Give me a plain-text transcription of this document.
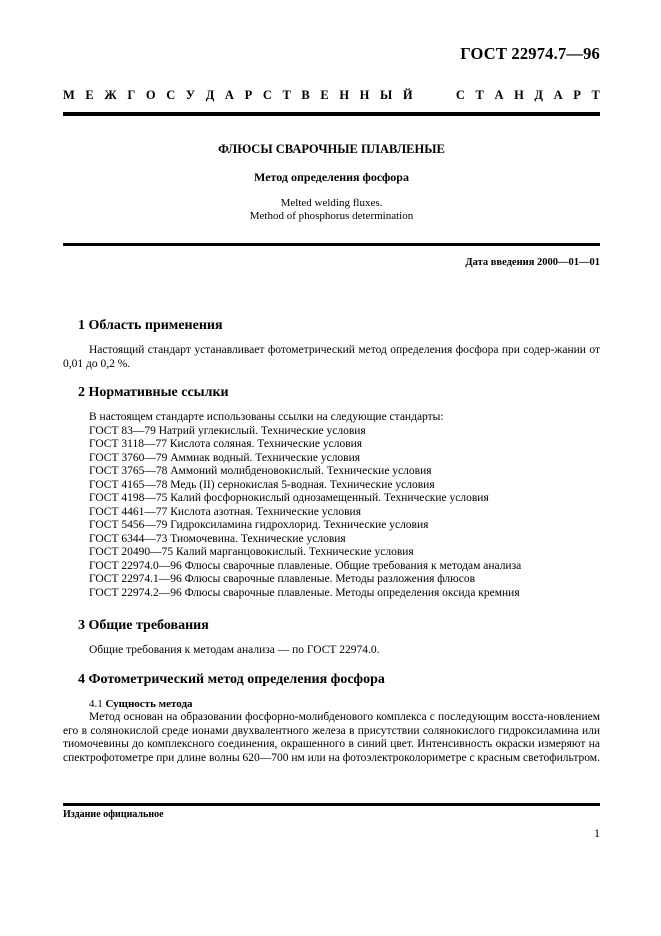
ГОСТ 22974.7—96
М Е Ж Г О С У Д А Р С Т В Е Н Н Ы Й	С Т А Н Д А Р Т
ФЛЮСЫ СВАРОЧНЫЕ ПЛАВЛЕНЫЕ
Метод определения фосфора
Melted welding fluxes.
Method of phosphorus determination
Дата введения 2000—01—01
1 Область применения
Настоящий стандарт устанавливает фотометрический метод определения фосфора при содер-жании от 0,01 до 0,2 %.
2 Нормативные ссылки
В настоящем стандарте использованы ссылки на следующие стандарты:
ГОСТ 83—79 Натрий углекислый. Технические условия
ГОСТ 3118—77 Кислота соляная. Технические условия
ГОСТ 3760—79 Аммиак водный. Технические условия
ГОСТ 3765—78 Аммоний молибденовокислый. Технические условия
ГОСТ 4165—78 Медь (II) сернокислая 5-водная. Технические условия
ГОСТ 4198—75 Калий фосфорнокислый однозамещенный. Технические условия
ГОСТ 4461—77 Кислота азотная. Технические условия
ГОСТ 5456—79 Гидроксиламина гидрохлорид. Технические условия
ГОСТ 6344—73 Тиомочевина. Технические условия
ГОСТ 20490—75 Калий марганцовокислый. Технические условия
ГОСТ 22974.0—96 Флюсы сварочные плавленые. Общие требования к методам анализа
ГОСТ 22974.1—96 Флюсы сварочные плавленые. Методы разложения флюсов
ГОСТ 22974.2—96 Флюсы сварочные плавленые. Методы определения оксида кремния
3 Общие требования
Общие требования к методам анализа — по ГОСТ 22974.0.
4 Фотометрический метод определения фосфора
4.1 Сущность метода
Метод основан на образовании фосфорно-молибденового комплекса с последующим восста-новлением его в солянокислой среде ионами двухвалентного железа в присутствии солянокислого гидроксиламина или тиомочевины до комплексного соединения, окрашенного в синий цвет. Интенсивность окраски измеряют на спектрофотометре при длине волны 620—700 нм или на фотоэлектроколориметре с красным светофильтром.
Издание официальное
1
